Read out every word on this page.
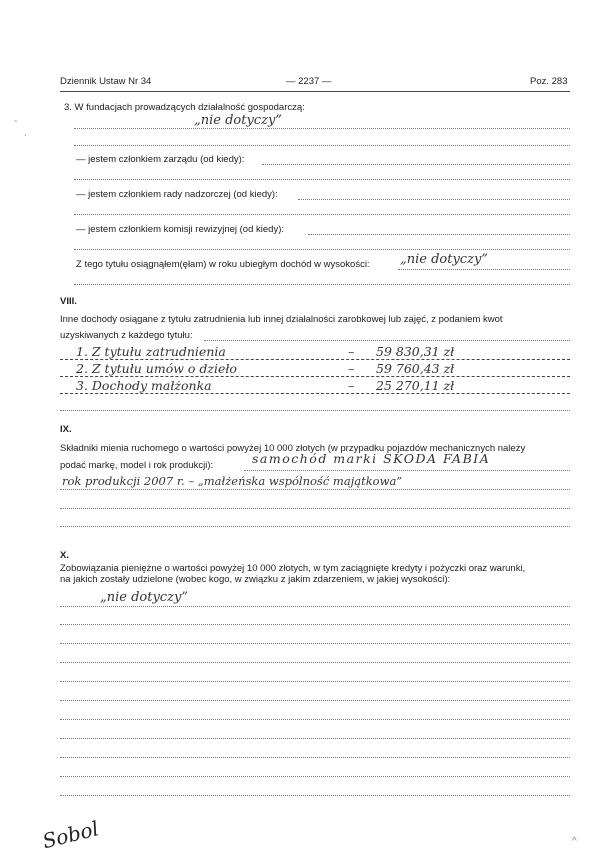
Dziennik Ustaw Nr 34	— 2237 —	Poz. 283
-
.
3. W fundacjach prowadzących działalność gospodarczą:
„nie dotyczy”
— jestem członkiem zarządu (od kiedy):
— jestem członkiem rady nadzorczej (od kiedy):
— jestem członkiem komisji rewizyjnej (od kiedy):
Z tego tytułu osiągnąłem(ęłam) w roku ubiegłym dochód w wysokości: „nie dotyczy”
VIII.
Inne dochody osiągane z tytułu zatrudnienia lub innej działalności zarobkowej lub zajęć, z podaniem kwot
uzyskiwanych z każdego tytułu:
1. Z tytułu zatrudnienia	– 59 830,31 zł
2. Z tytułu umów o dzieło	– 59 760,43 zł
3. Dochody małżonka	– 25 270,11 zł
IX.
Składniki mienia ruchomego o wartości powyżej 10 000 złotych (w przypadku pojazdów mechanicznych należy
podać markę, model i rok produkcji):	samochód marki SKODA FABIA
rok produkcji 2007 r. – „małżeńska wspólność majątkowa”
X.
Zobowiązania pieniężne o wartości powyżej 10 000 złotych, w tym zaciągnięte kredyty i pożyczki oraz warunki,
na jakich zostały udzielone (wobec kogo, w związku z jakim zdarzeniem, w jakiej wysokości):
„nie dotyczy”
Sobol	^
